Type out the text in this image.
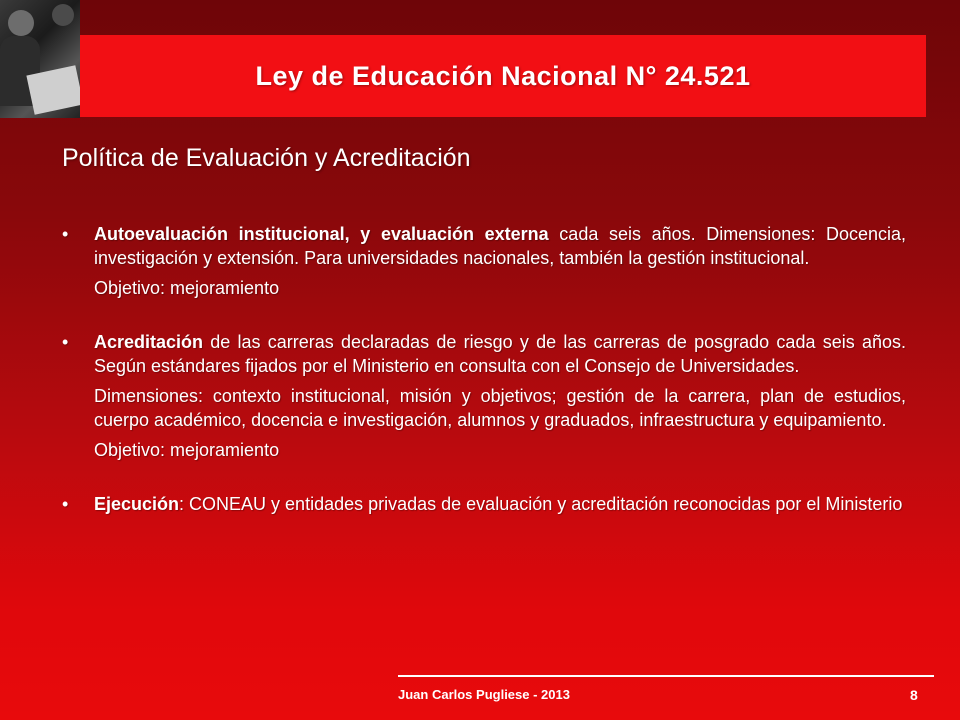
Ley de Educación Nacional N° 24.521
Política de Evaluación y Acreditación
•	Autoevaluación institucional, y evaluación externa cada seis años. Dimensiones: Docencia, investigación y extensión. Para universidades nacionales, también la gestión institucional.
Objetivo: mejoramiento
•	Acreditación de las carreras declaradas de riesgo y de las carreras de posgrado cada seis años. Según estándares fijados por el Ministerio en consulta con el Consejo de Universidades.
Dimensiones: contexto institucional, misión y objetivos; gestión de la carrera, plan de estudios, cuerpo académico, docencia e investigación, alumnos y graduados, infraestructura y equipamiento.
Objetivo: mejoramiento
•	Ejecución: CONEAU y entidades privadas de evaluación y acreditación reconocidas por el Ministerio
Juan Carlos Pugliese - 2013	8
